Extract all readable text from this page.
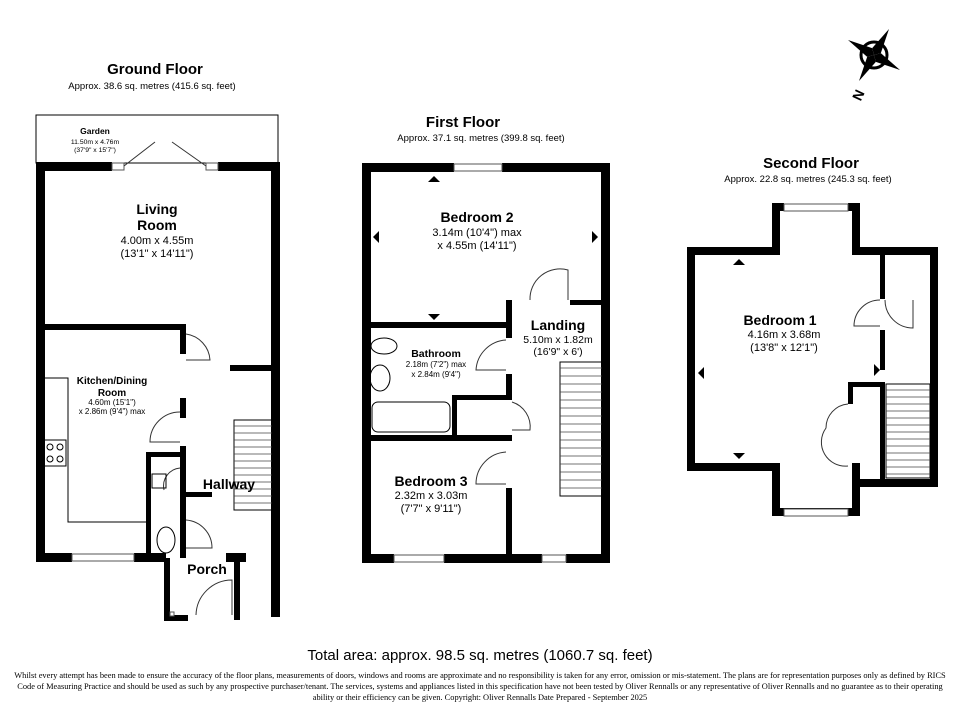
Ground Floor
Approx. 38.6 sq. metres (415.6 sq. feet)
Garden
11.50m x 4.76m
(37'9" x 15'7")
Living
Room
4.00m x 4.55m
(13'1" x 14'11")
Kitchen/Dining
Room
4.60m (15'1")
x 2.86m (9'4") max
Hallway
Porch
First Floor
Approx. 37.1 sq. metres (399.8 sq. feet)
Bedroom 2
3.14m (10'4") max
x 4.55m (14'11")
Landing
5.10m x 1.82m
(16'9" x 6')
Bathroom
2.18m (7'2") max
x 2.84m (9'4")
Bedroom 3
2.32m x 3.03m
(7'7" x 9'11")
Second Floor
Approx. 22.8 sq. metres (245.3 sq. feet)
Bedroom 1
4.16m x 3.68m
(13'8" x 12'1")
N
Total area: approx. 98.5 sq. metres (1060.7 sq. feet)

Whilst every attempt has been made to ensure the accuracy of the floor plans, measurements of doors, windows and rooms are approximate and no responsibility is taken for any error, omission or mis-statement. The plans are for representation purposes only as defined by RICS Code of Measuring Practice and should be used as such by any prospective purchaser/tenant. The services, systems and appliances listed in this specification have not been tested by Oliver Rennalls or any representative of Oliver Rennalls and no guarantee as to their operating ability or their efficiency can be given. Copyright: Oliver Rennalls Date Prepared - September 2025
